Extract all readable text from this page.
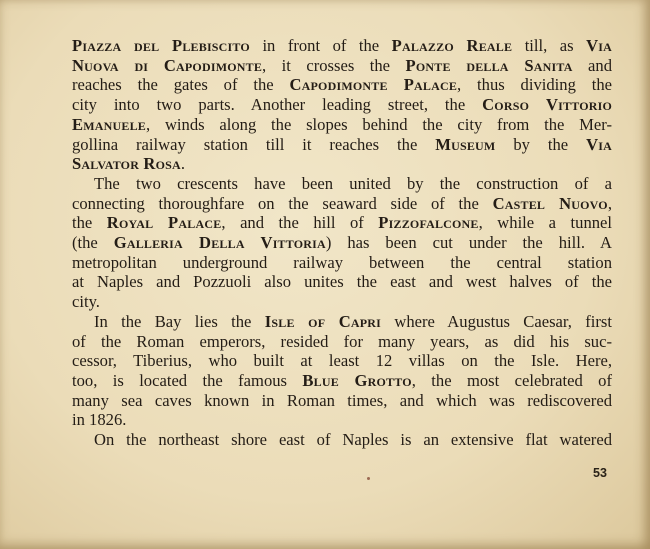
Piazza del Plebiscito in front of the Palazzo Reale till, as Via
Nuova di Capodimonte, it crosses the Ponte della Sanita and
reaches the gates of the Capodimonte Palace, thus dividing the
city into two parts. Another leading street, the Corso Vittorio
Emanuele, winds along the slopes behind the city from the Mer-
gollina railway station till it reaches the Museum by the Via
Salvator Rosa.
The two crescents have been united by the construction of a
connecting thoroughfare on the seaward side of the Castel Nuovo,
the Royal Palace, and the hill of Pizzofalcone, while a tunnel
(the Galleria Della Vittoria) has been cut under the hill. A
metropolitan underground railway between the central station
at Naples and Pozzuoli also unites the east and west halves of the
city.
In the Bay lies the Isle of Capri where Augustus Caesar, first
of the Roman emperors, resided for many years, as did his suc-
cessor, Tiberius, who built at least 12 villas on the Isle. Here,
too, is located the famous Blue Grotto, the most celebrated of
many sea caves known in Roman times, and which was rediscovered
in 1826.
On the northeast shore east of Naples is an extensive flat watered
53
